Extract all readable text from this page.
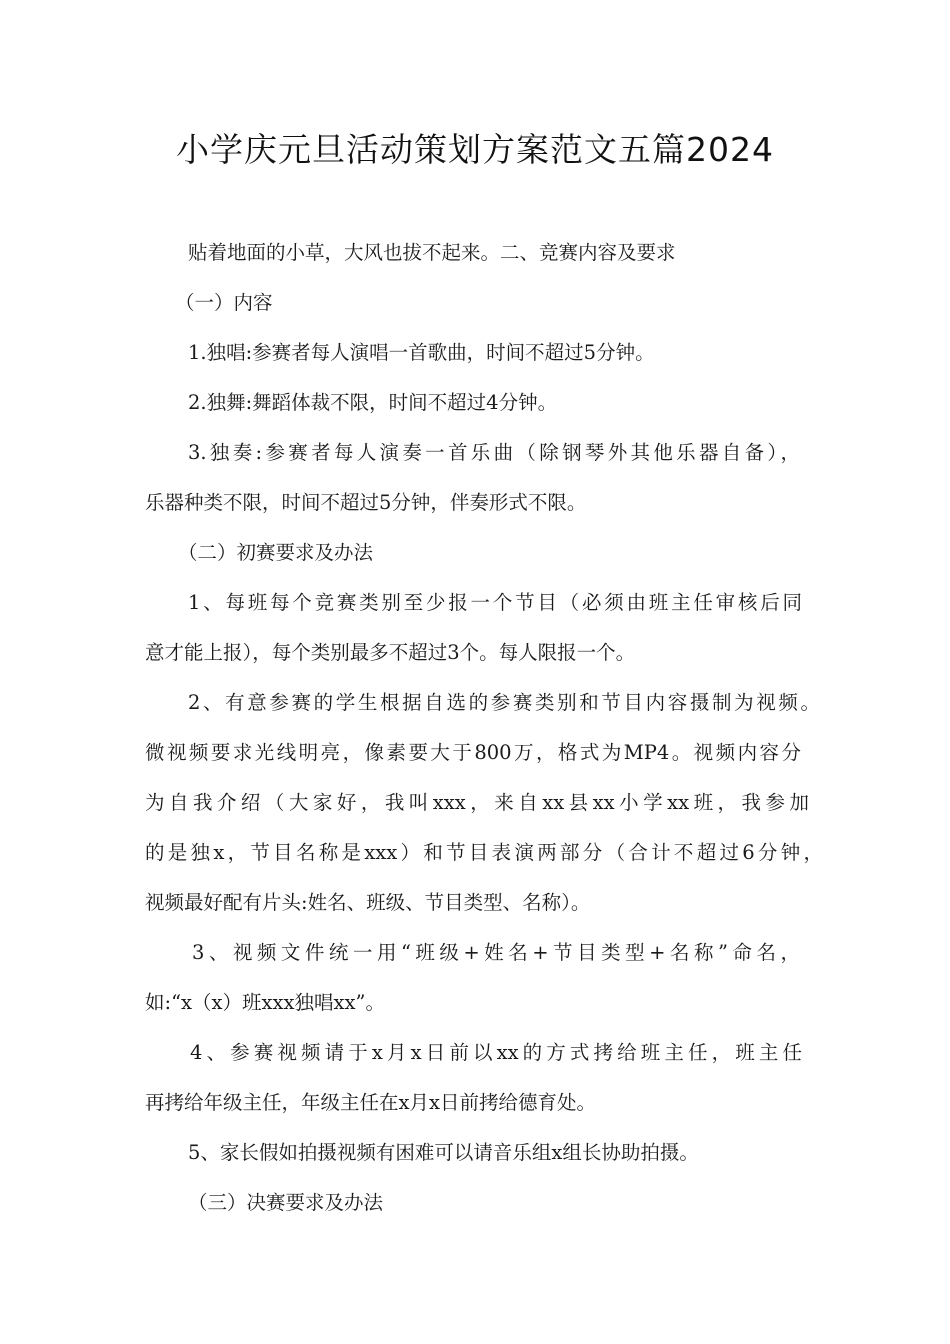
小学庆元旦活动策划方案范文五篇2024
贴着地面的小草，大风也拔不起来。二、竞赛内容及要求
（一）内容
1.独唱:参赛者每人演唱一首歌曲，时间不超过5分钟。
2.独舞:舞蹈体裁不限，时间不超过4分钟。
3.独奏:参赛者每人演奏一首乐曲（除钢琴外其他乐器自备），
乐器种类不限，时间不超过5分钟，伴奏形式不限。
（二）初赛要求及办法
1、每班每个竞赛类别至少报一个节目（必须由班主任审核后同
意才能上报），每个类别最多不超过3个。每人限报一个。
2、有意参赛的学生根据自选的参赛类别和节目内容摄制为视频。
微视频要求光线明亮，像素要大于800万，格式为MP4。视频内容分
为自我介绍（大家好，我叫xxx，来自xx县xx小学xx班，我参加
的是独x，节目名称是xxx）和节目表演两部分（合计不超过6分钟，
视频最好配有片头:姓名、班级、节目类型、名称）。
3、视频文件统一用“班级+姓名+节目类型+名称”命名，
如:“x（x）班xxx独唱xx”。
4、参赛视频请于x月x日前以xx的方式拷给班主任，班主任
再拷给年级主任，年级主任在x月x日前拷给德育处。
5、家长假如拍摄视频有困难可以请音乐组x组长协助拍摄。
（三）决赛要求及办法
